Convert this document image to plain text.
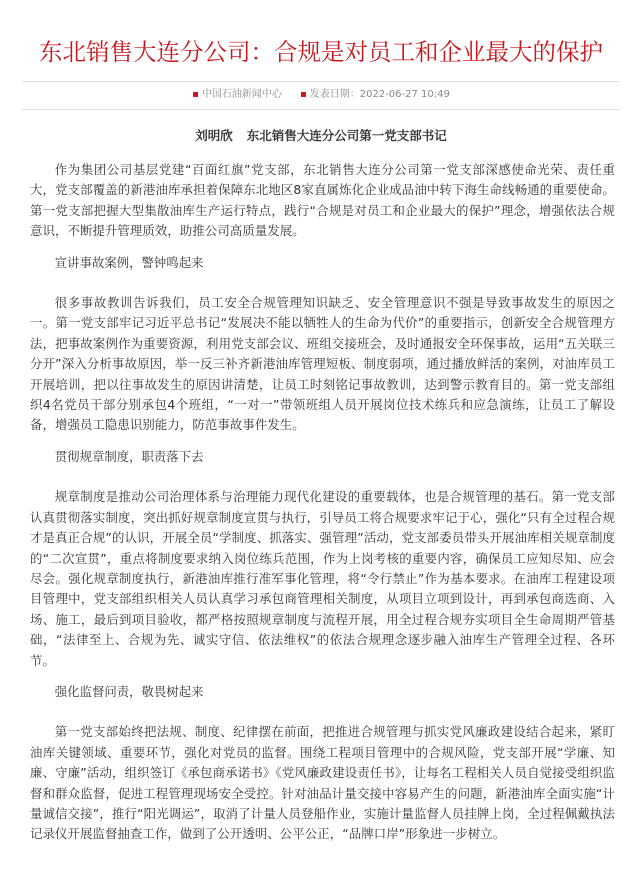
东北销售大连分公司：合规是对员工和企业最大的保护
▪ 中国石油新闻中心 ▪ 发表日期：2022-06-27 10:49
刘明欣 东北销售大连分公司第一党支部书记

作为集团公司基层党建“百面红旗”党支部，东北销售大连分公司第一党支部深感使命光荣、责任重大，党支部覆盖的新港油库承担着保障东北地区8家直属炼化企业成品油中转下海生命线畅通的重要使命。第一党支部把握大型集散油库生产运行特点，践行“合规是对员工和企业最大的保护”理念，增强依法合规意识，不断提升管理质效，助推公司高质量发展。

宣讲事故案例，警钟鸣起来

很多事故教训告诉我们，员工安全合规管理知识缺乏、安全管理意识不强是导致事故发生的原因之一。第一党支部牢记习近平总书记“发展决不能以牺牲人的生命为代价”的重要指示，创新安全合规管理方法，把事故案例作为重要资源，利用党支部会议、班组交接班会，及时通报安全环保事故，运用“五关联三分开”深入分析事故原因，举一反三补齐新港油库管理短板、制度弱项，通过播放鲜活的案例，对油库员工开展培训，把以往事故发生的原因讲清楚，让员工时刻铭记事故教训，达到警示教育目的。第一党支部组织4名党员干部分别承包4个班组，“一对一”带领班组人员开展岗位技术练兵和应急演练，让员工了解设备，增强员工隐患识别能力，防范事故事件发生。

贯彻规章制度，职责落下去

规章制度是推动公司治理体系与治理能力现代化建设的重要载体，也是合规管理的基石。第一党支部认真贯彻落实制度，突出抓好规章制度宣贯与执行，引导员工将合规要求牢记于心，强化“只有全过程合规才是真正合规”的认识，开展全员“学制度、抓落实、强管理”活动，党支部委员带头开展油库相关规章制度的“二次宣贯”，重点将制度要求纳入岗位练兵范围，作为上岗考核的重要内容，确保员工应知尽知、应会尽会。强化规章制度执行，新港油库推行准军事化管理，将“令行禁止”作为基本要求。在油库工程建设项目管理中，党支部组织相关人员认真学习承包商管理相关制度，从项目立项到设计，再到承包商选商、入场、施工，最后到项目验收，都严格按照规章制度与流程开展，用全过程合规夯实项目全生命周期严管基础，“法律至上、合规为先、诚实守信、依法维权”的依法合规理念逐步融入油库生产管理全过程、各环节。

强化监督问责，敬畏树起来

第一党支部始终把法规、制度、纪律摆在前面，把推进合规管理与抓实党风廉政建设结合起来，紧盯油库关键领域、重要环节，强化对党员的监督。围绕工程项目管理中的合规风险，党支部开展“学廉、知廉、守廉”活动，组织签订《承包商承诺书》《党风廉政建设责任书》，让每名工程相关人员自觉接受组织监督和群众监督，促进工程管理现场安全受控。针对油品计量交接中容易产生的问题，新港油库全面实施“计量诚信交接”，推行“阳光调运”，取消了计量人员登船作业，实施计量监督人员挂牌上岗，全过程佩戴执法记录仪开展监督抽查工作，做到了公开透明、公平公正，“品牌口岸”形象进一步树立。
